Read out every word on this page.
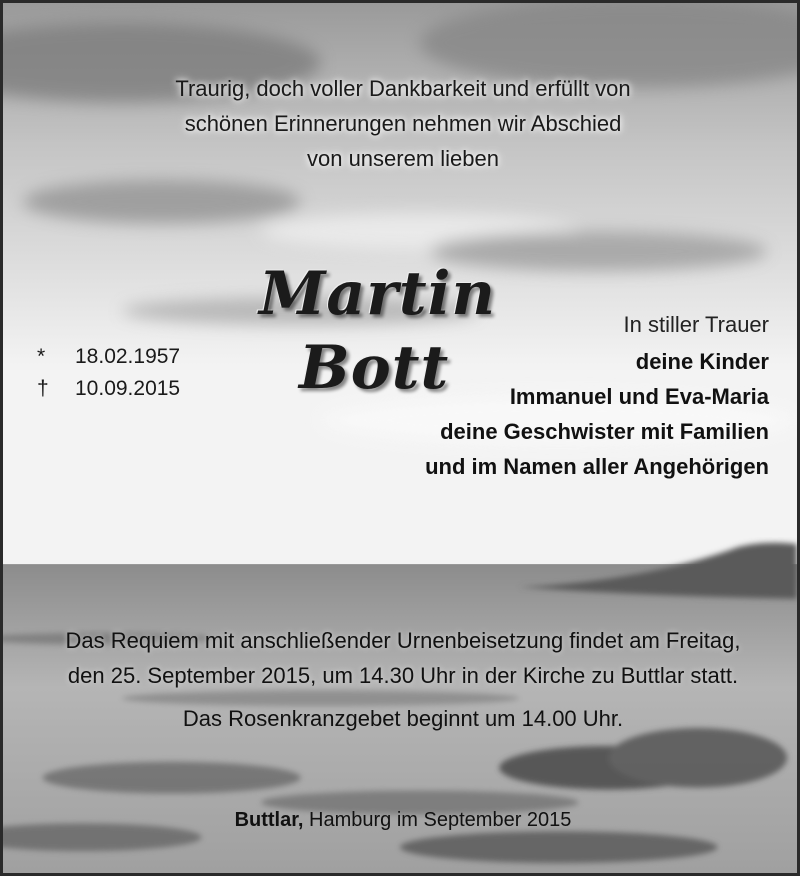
Traurig, doch voller Dankbarkeit und erfüllt von
schönen Erinnerungen nehmen wir Abschied
von unserem lieben
Martin
Bott
*	18.02.1957
†	10.09.2015
In stiller Trauer
deine Kinder
Immanuel und Eva-Maria
deine Geschwister mit Familien
und im Namen aller Angehörigen
Das Requiem mit anschließender Urnenbeisetzung findet am Freitag,
den 25. September 2015, um 14.30 Uhr in der Kirche zu Buttlar statt.
Das Rosenkranzgebet beginnt um 14.00 Uhr.
Buttlar, Hamburg im September 2015
